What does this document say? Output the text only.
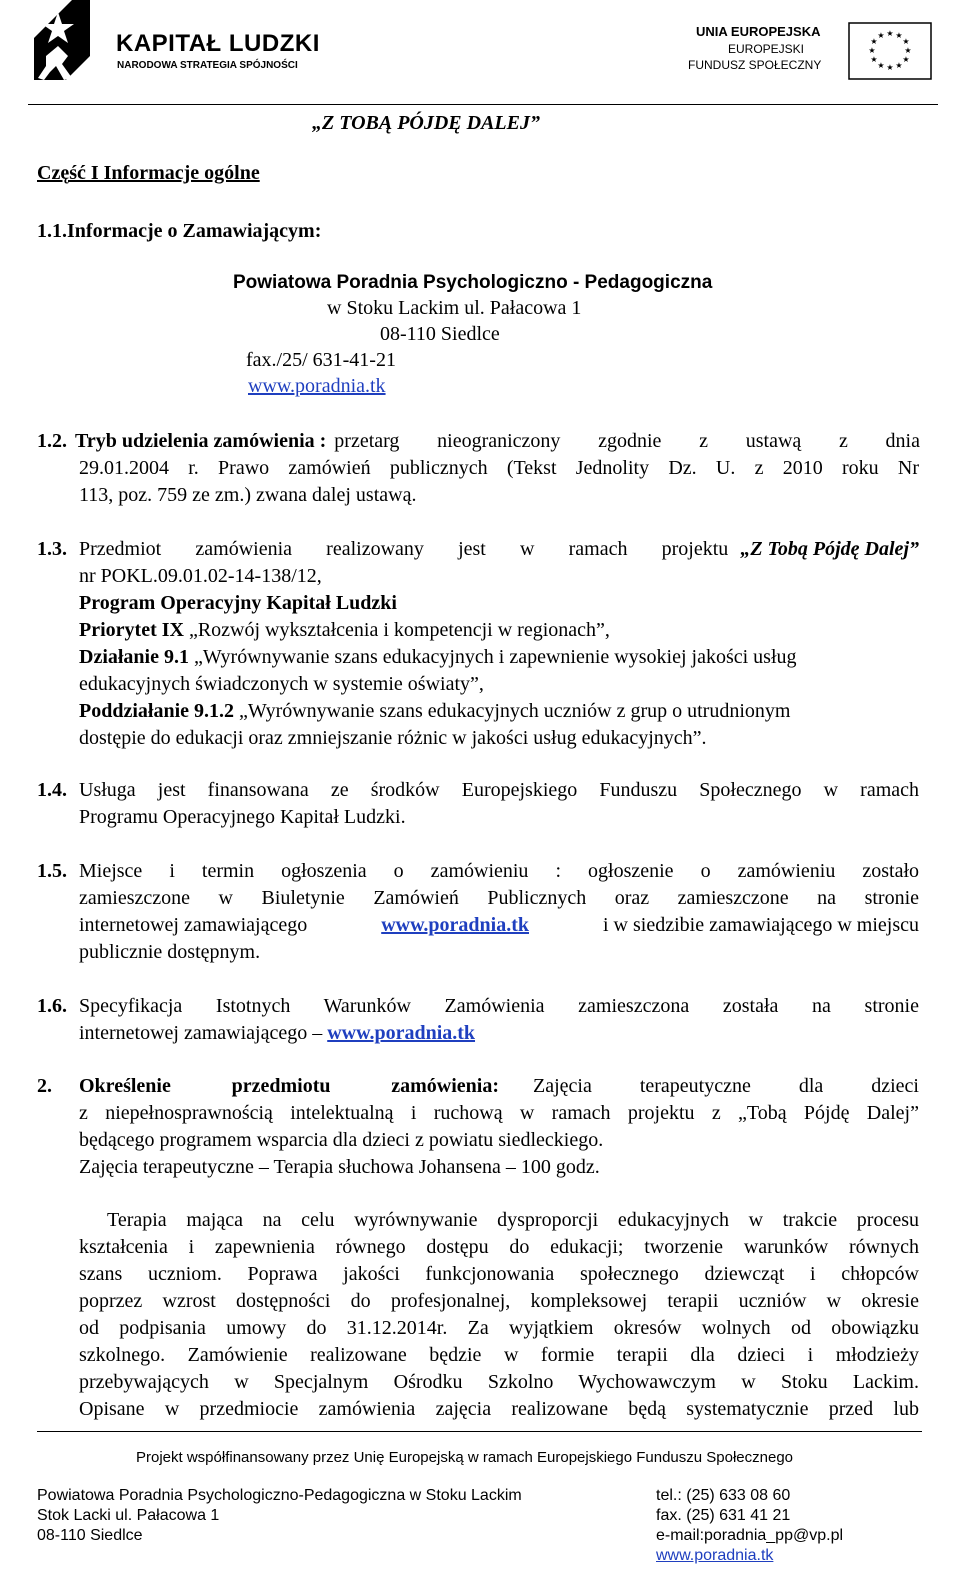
KAPITAŁ LUDZKI
NARODOWA STRATEGIA SPÓJNOŚCI
UNIA EUROPEJSKA
EUROPEJSKI
FUNDUSZ SPOŁECZNY
★ ★
★
★
★
★
★
★
★
★
★
★
„Z TOBĄ PÓJDĘ DALEJ”
Część I Informacje ogólne
1.1.Informacje o Zamawiającym:
Powiatowa Poradnia Psychologiczno - Pedagogiczna
w Stoku Lackim ul. Pałacowa 1
08-110 Siedlce
fax./25/ 631-41-21
www.poradnia.tk
1.2. Tryb udzielenia zamówienia : przetarg nieograniczony zgodnie z ustawą z dnia
29.01.2004 r. Prawo zamówień publicznych (Tekst Jednolity Dz. U. z 2010 roku Nr
113, poz. 759 ze zm.) zwana dalej ustawą.
1.3. Przedmiot zamówienia realizowany jest w ramach projektu „Z Tobą Pójdę Dalej”
nr POKL.09.01.02-14-138/12,
Program Operacyjny Kapitał Ludzki
Priorytet IX „Rozwój wykształcenia i kompetencji w regionach”,
Działanie 9.1 „Wyrównywanie szans edukacyjnych i zapewnienie wysokiej jakości usług
edukacyjnych świadczonych w systemie oświaty”,
Poddziałanie 9.1.2 „Wyrównywanie szans edukacyjnych uczniów z grup o utrudnionym
dostępie do edukacji oraz zmniejszanie różnic w jakości usług edukacyjnych”.
1.4. Usługa jest finansowana ze środków Europejskiego Funduszu Społecznego w ramach
Programu Operacyjnego Kapitał Ludzki.
1.5. Miejsce i termin ogłoszenia o zamówieniu : ogłoszenie o zamówieniu zostało
zamieszczone w Biuletynie Zamówień Publicznych oraz zamieszczone na stronie
internetowej zamawiającego	www.poradnia.tk	i w siedzibie zamawiającego w miejscu
publicznie dostępnym.
1.6. Specyfikacja Istotnych Warunków Zamówienia zamieszczona została na stronie
internetowej zamawiającego – www.poradnia.tk
2. Określenie przedmiotu zamówienia: Zajęcia terapeutyczne dla dzieci
z niepełnosprawnością intelektualną i ruchową w ramach projektu z „Tobą Pójdę Dalej”
będącego programem wsparcia dla dzieci z powiatu siedleckiego.
Zajęcia terapeutyczne – Terapia słuchowa Johansena – 100 godz.
Terapia mająca na celu wyrównywanie dysproporcji edukacyjnych w trakcie procesu
kształcenia i zapewnienia równego dostępu do edukacji; tworzenie warunków równych
szans uczniom. Poprawa jakości funkcjonowania społecznego dziewcząt i chłopców
poprzez wzrost dostępności do profesjonalnej, kompleksowej terapii uczniów w okresie
od podpisania umowy do 31.12.2014r. Za wyjątkiem okresów wolnych od obowiązku
szkolnego. Zamówienie realizowane będzie w formie terapii dla dzieci i młodzieży
przebywających w Specjalnym Ośrodku Szkolno Wychowawczym w Stoku Lackim.
Opisane w przedmiocie zamówienia zajęcia realizowane będą systematycznie przed lub
Projekt współfinansowany przez Unię Europejską w ramach Europejskiego Funduszu Społecznego
Powiatowa Poradnia Psychologiczno-Pedagogiczna w Stoku Lackim
Stok Lacki ul. Pałacowa 1
08-110 Siedlce
tel.: (25) 633 08 60
fax. (25) 631 41 21
e-mail:poradnia_pp@vp.pl
www.poradnia.tk
